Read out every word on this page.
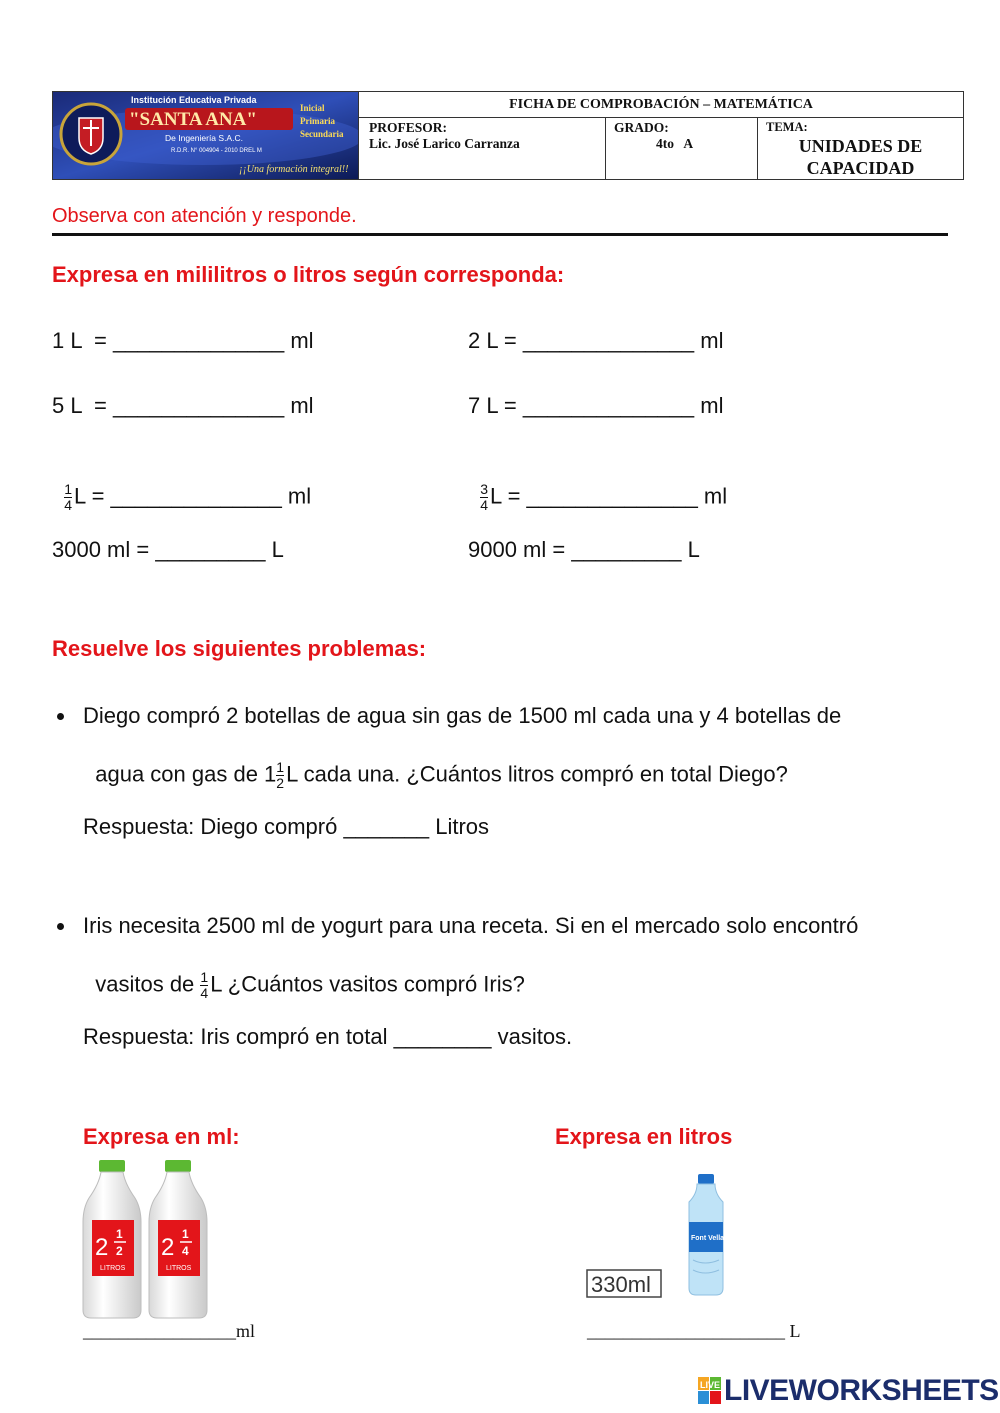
Institución Educativa Privada
"SANTA ANA"
De Ingeniería S.A.C.
R.D.R. N° 004904 - 2010 DREL M
¡¡Una formación integral!!
Inicial
Primaria
Secundaria
FICHA DE COMPROBACIÓN – MATEMÁTICA
PROFESOR:
Lic. José Larico Carranza
GRADO:
4to   A
TEMA:
UNIDADES DE
CAPACIDAD
Observa con atención y responde.
Expresa en mililitros o litros según corresponda:
1 L  = ______________ ml	2 L = ______________ ml
5 L  = ______________ ml	7 L = ______________ ml

$\frac{1}{4}$ L = ______________ ml

	$\frac{3}{4}$ L = ______________ ml

3000 ml = _________ L	9000 ml = _________ L
Resuelve los siguientes problemas:
Diego compró 2 botellas de agua sin gas de 1500 ml cada una y 4 botellas de

agua con gas de $1 \frac{1}{2}$ L cada una. ¿Cuántos litros compró en total Diego?

Respuesta: Diego compró _______ Litros
Iris necesita 2500 ml de yogurt para una receta. Si en el mercado solo encontró

vasitos de $\frac{1}{4}$ L ¿Cuántos vasitos compró Iris?

Respuesta: Iris compró en total ________ vasitos.
Expresa en ml:	Expresa en litros
2 1
2
LITROS
2 1
4
LITROS
330ml
Font Vella
_________________ml	______________________ L
LIVE LIVEWORKSHEETS
